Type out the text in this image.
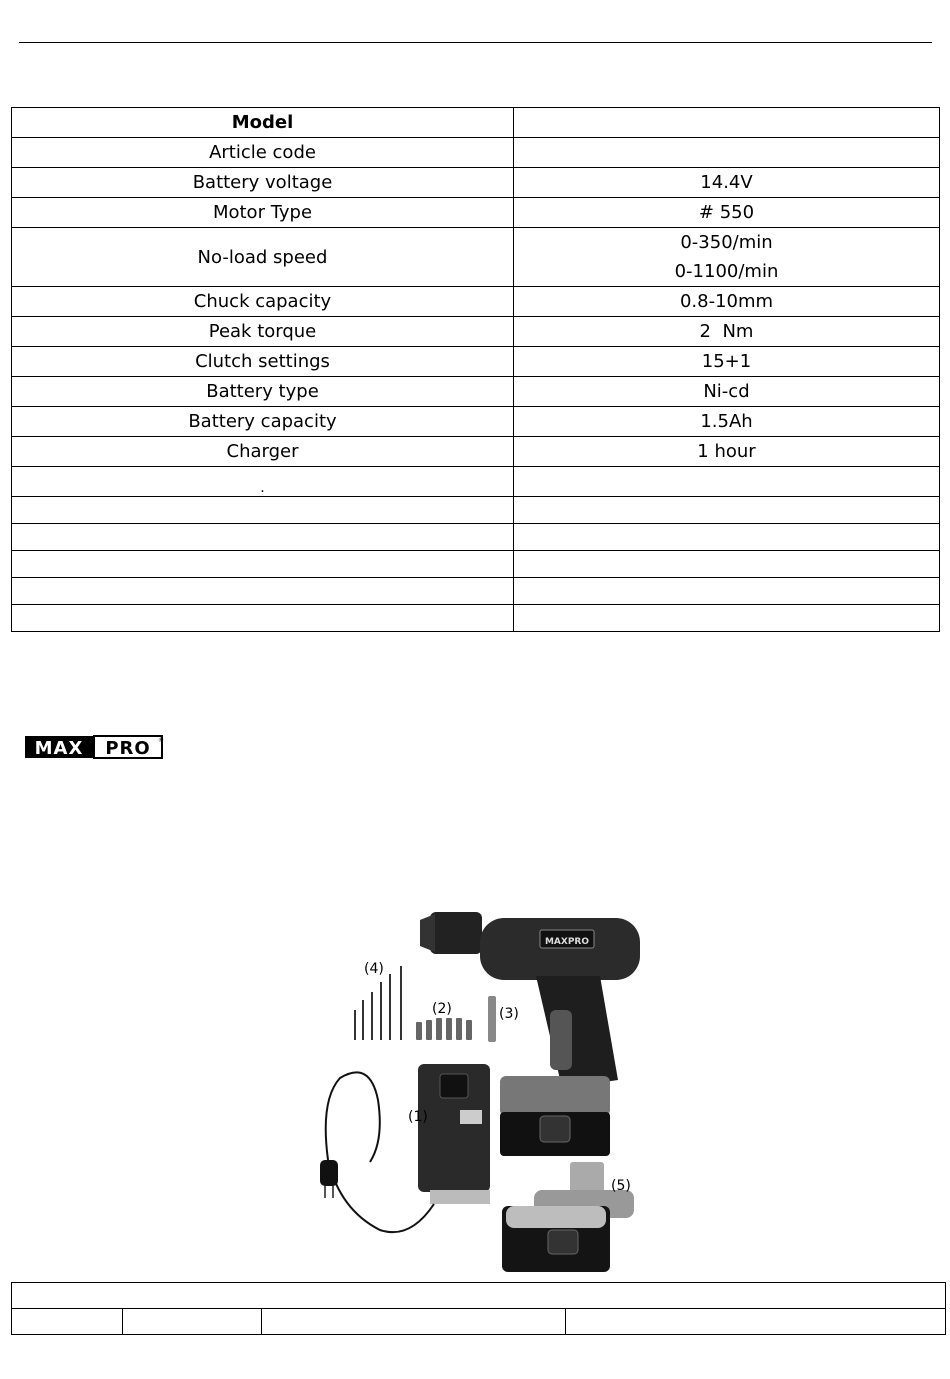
Model	
Article code	
Battery voltage	14.4V
Motor Type	# 550
No-load speed	0-350/min
0-1100/min

Chuck capacity	0.8-10mm
Peak torque	2  Nm
Clutch settings	15+1
Battery type	Ni-cd
Battery capacity	1.5Ah
Charger	1 hour
.	

MAX PRO ®
MAXPRO
(1)
(2)	(3)
(4)
(5)
